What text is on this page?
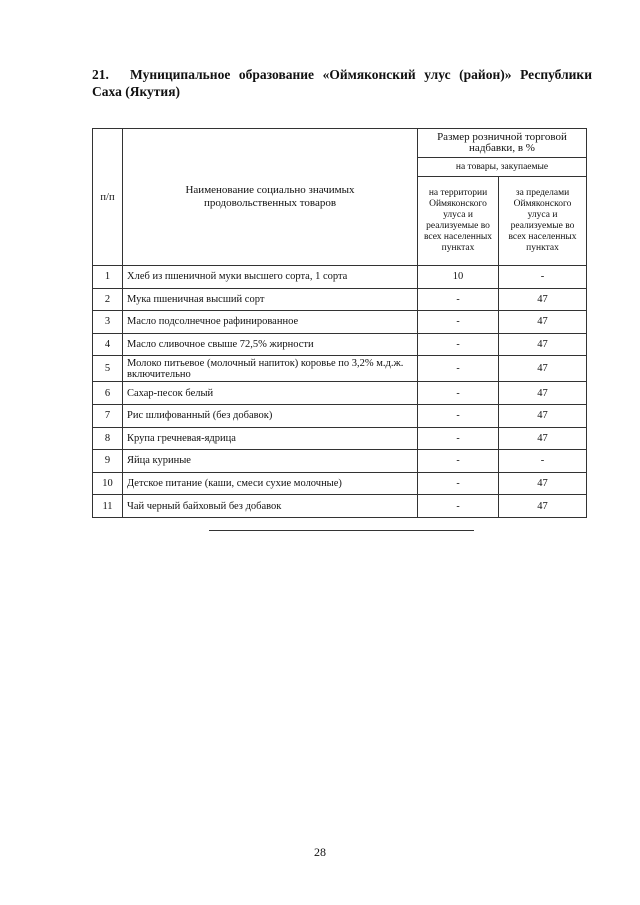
21. Муниципальное образование «Оймяконский улус (район)» Республики Саха (Якутия)
п/п	Наименование социально значимых продовольственных товаров	Размер розничной торговой надбавки, в %	
		на товары, закупаемые	
		на территории Оймяконского улуса и реализуемые во всех населенных пунктах	за пределами Оймяконского улуса и реализуемые во всех населенных пунктах
1	Хлеб из пшеничной муки высшего сорта, 1 сорта	10	-
2	Мука пшеничная высший сорт	-	47
3	Масло подсолнечное рафинированное	-	47
4	Масло сливочное свыше 72,5% жирности	-	47
5	Молоко питьевое (молочный напиток) коровье по 3,2% м.д.ж. включительно	-	47
6	Сахар-песок белый	-	47
7	Рис шлифованный (без добавок)	-	47
8	Крупа гречневая-ядрица	-	47
9	Яйца куриные	-	-
10	Детское питание (каши, смеси сухие молочные)	-	47
11	Чай черный байховый без добавок	-	47
28
